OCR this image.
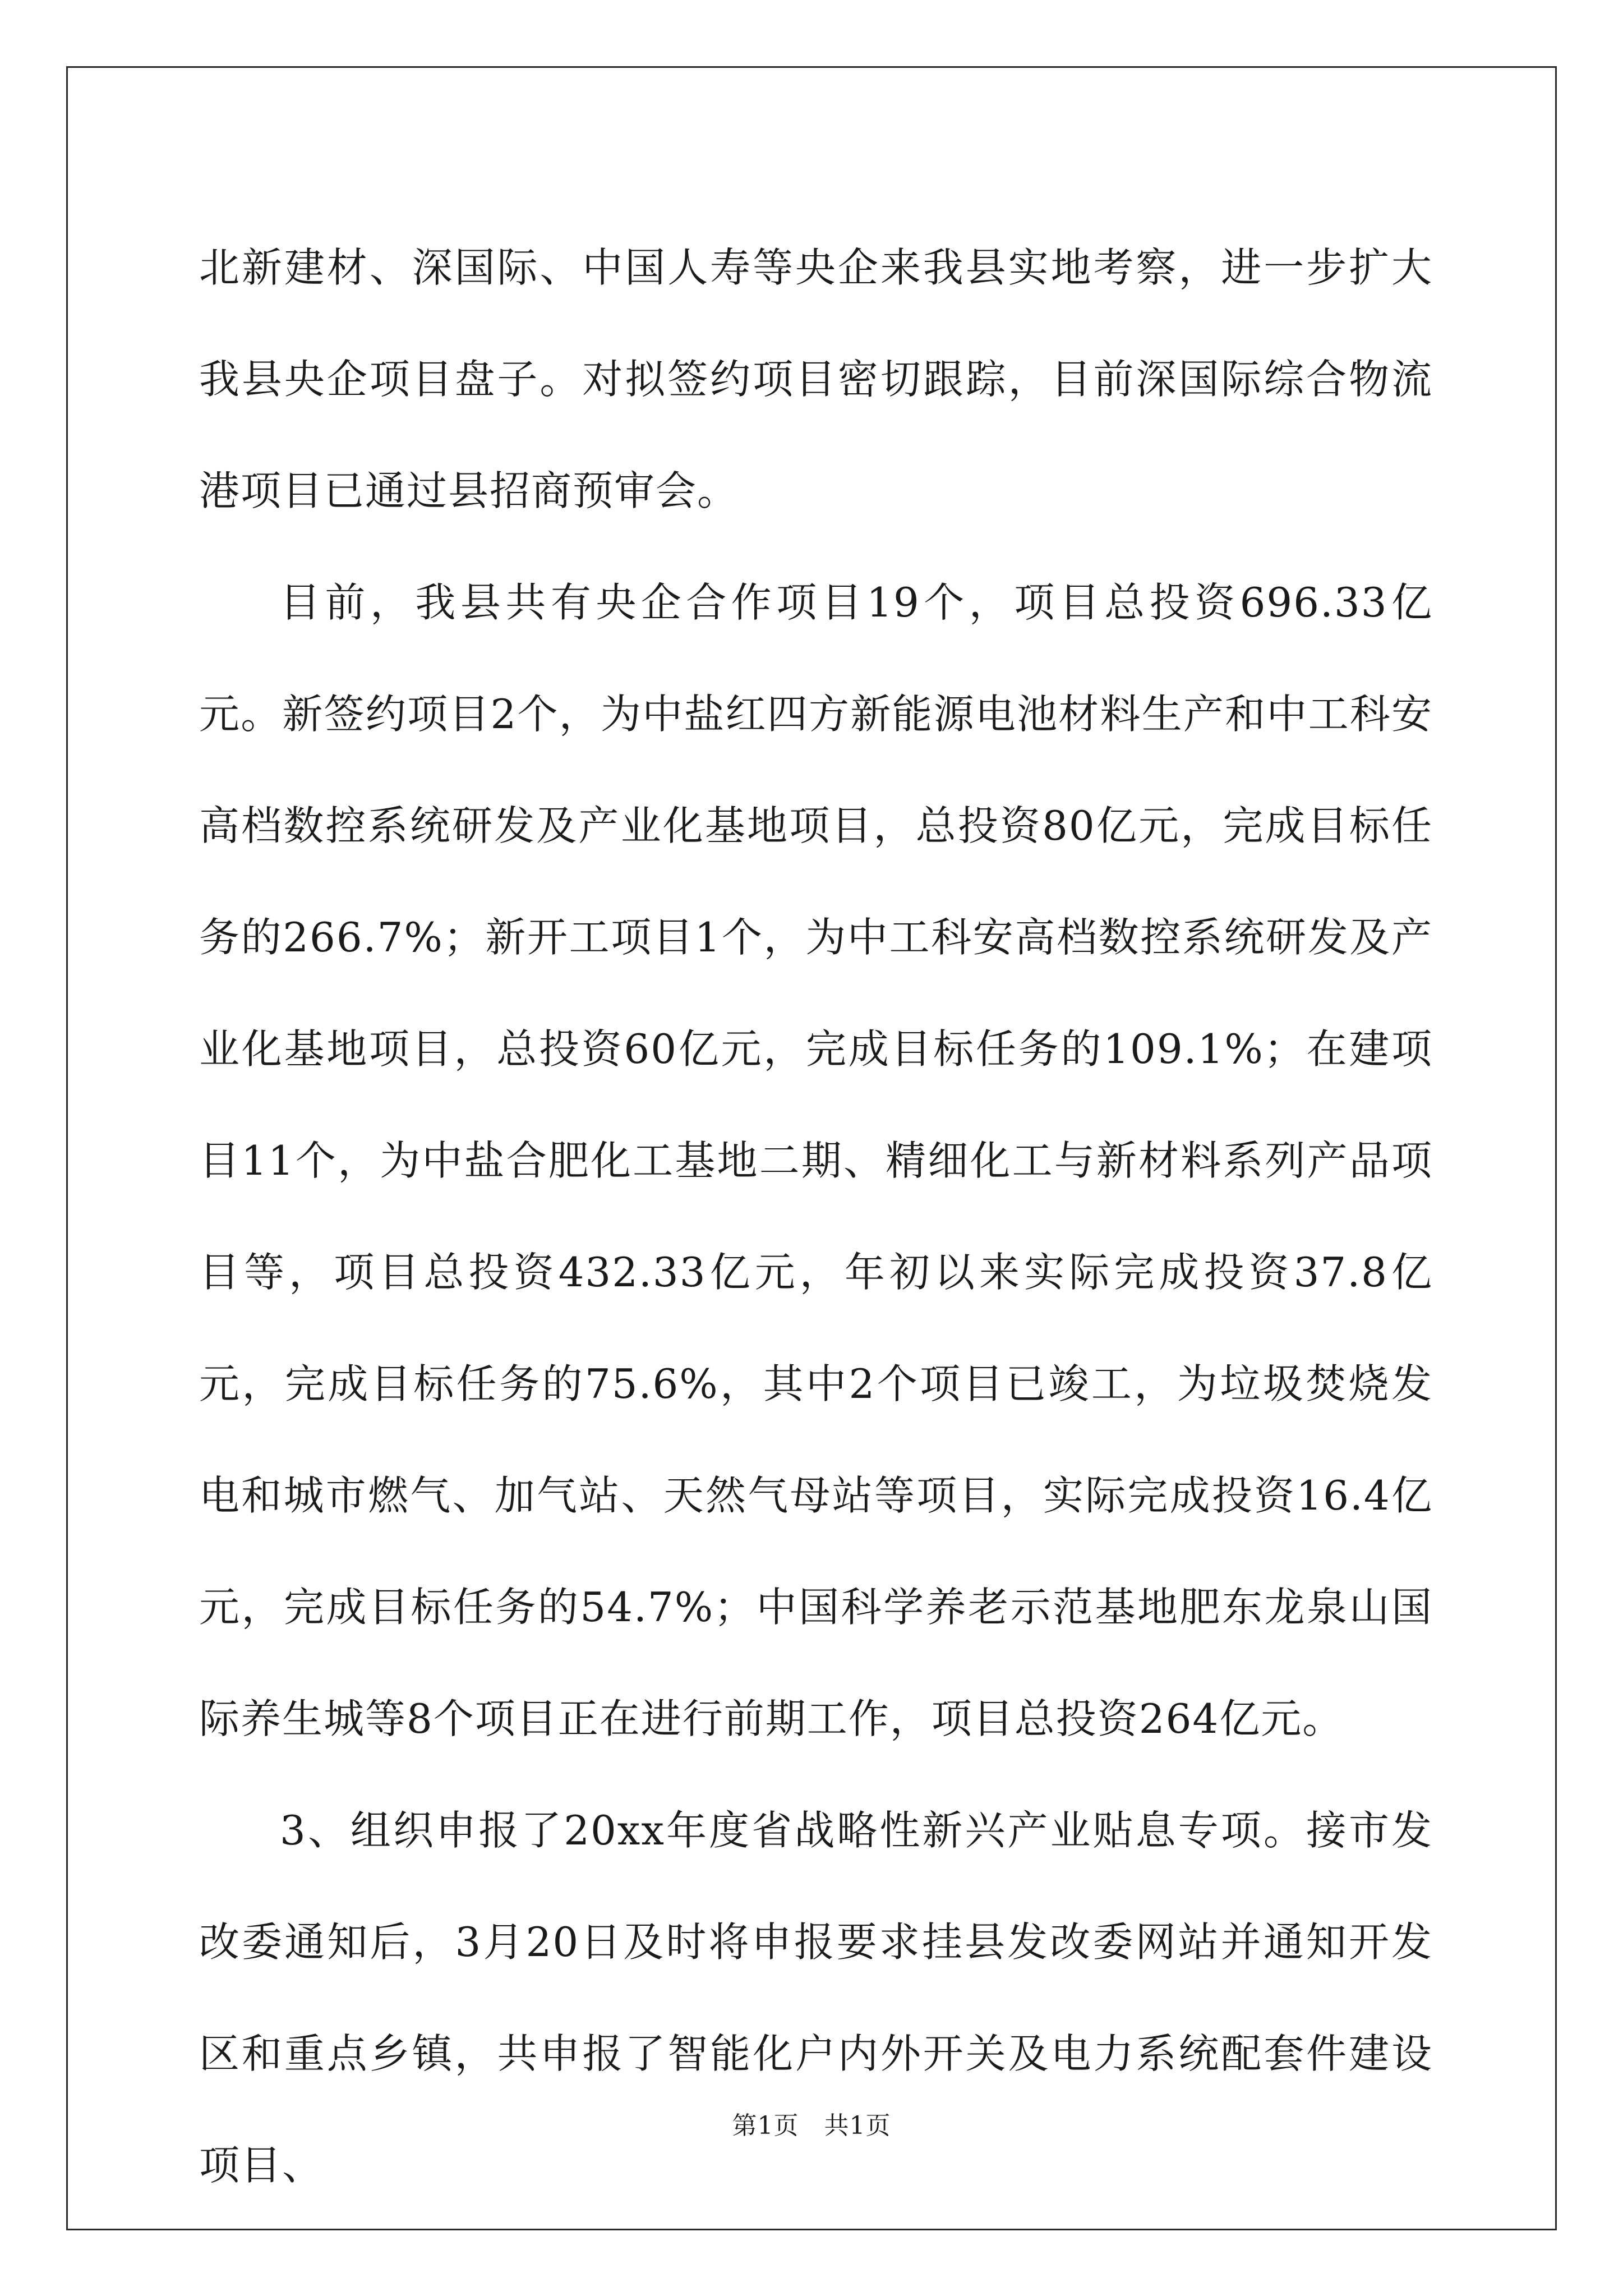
北新建材、深国际、中国人寿等央企来我县实地考察，进一步扩大我县央企项目盘子。对拟签约项目密切跟踪，目前深国际综合物流港项目已通过县招商预审会。

目前，我县共有央企合作项目19个，项目总投资696.33亿元。新签约项目2个，为中盐红四方新能源电池材料生产和中工科安高档数控系统研发及产业化基地项目，总投资80亿元，完成目标任务的266.7%；新开工项目1个，为中工科安高档数控系统研发及产业化基地项目，总投资60亿元，完成目标任务的109.1%；在建项目11个，为中盐合肥化工基地二期、精细化工与新材料系列产品项目等，项目总投资432.33亿元，年初以来实际完成投资37.8亿元，完成目标任务的75.6%，其中2个项目已竣工，为垃圾焚烧发电和城市燃气、加气站、天然气母站等项目，实际完成投资16.4亿元，完成目标任务的54.7%；中国科学养老示范基地肥东龙泉山国际养生城等8个项目正在进行前期工作，项目总投资264亿元。

3、组织申报了20xx年度省战略性新兴产业贴息专项。接市发改委通知后，3月20日及时将申报要求挂县发改委网站并通知开发区和重点乡镇，共申报了智能化户内外开关及电力系统配套件建设项目、

第1页 共1页
